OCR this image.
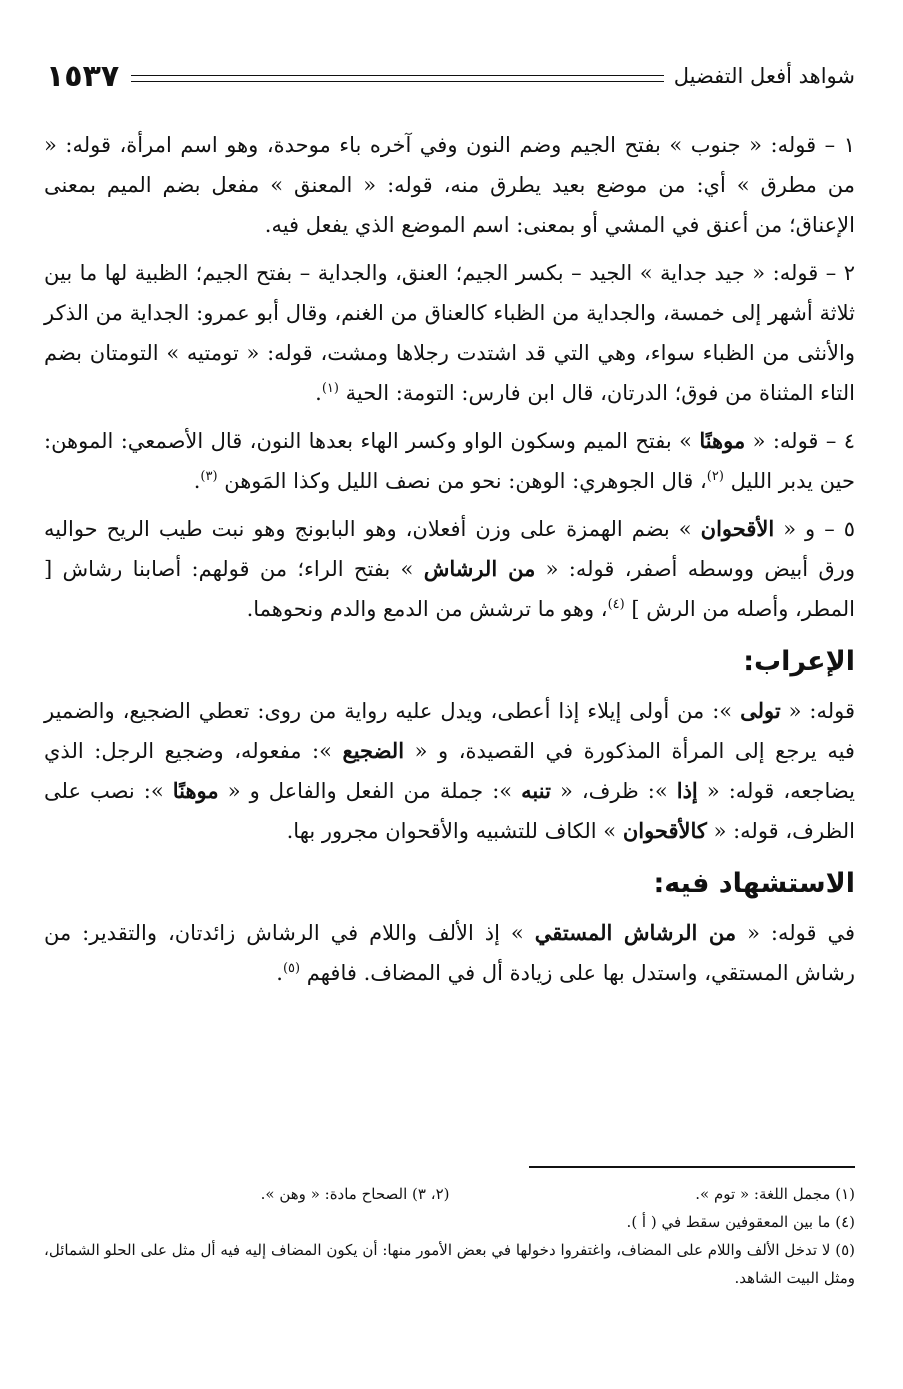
شواهد أفعل التفضيل
١٥٣٧

١ – قوله: « جنوب » بفتح الجيم وضم النون وفي آخره باء موحدة، وهو اسم امرأة، قوله: « من مطرق » أي: من موضع بعيد يطرق منه، قوله: « المعنق » مفعل بضم الميم بمعنى الإعناق؛ من أعنق في المشي أو بمعنى: اسم الموضع الذي يفعل فيه.

٢ – قوله: « جيد جداية » الجيد – بكسر الجيم؛ العنق، والجداية – بفتح الجيم؛ الظبية لها ما بين ثلاثة أشهر إلى خمسة، والجداية من الظباء كالعناق من الغنم، وقال أبو عمرو: الجداية من الذكر والأنثى من الظباء سواء، وهي التي قد اشتدت رجلاها ومشت، قوله: « تومتيه » التومتان بضم التاء المثناة من فوق؛ الدرتان، قال ابن فارس: التومة: الحية $^{(١)}$.

٤ – قوله: « موهنًا » بفتح الميم وسكون الواو وكسر الهاء بعدها النون، قال الأصمعي: الموهن: حين يدبر الليل $^{(٢)}$، قال الجوهري: الوهن: نحو من نصف الليل وكذا المَوهن $^{(٣)}$.

٥ – و « الأقحوان » بضم الهمزة على وزن أفعلان، وهو البابونج وهو نبت طيب الريح حواليه ورق أبيض ووسطه أصفر، قوله: « من الرشاش » بفتح الراء؛ من قولهم: أصابنا رشاش [ المطر، وأصله من الرش ] $^{(٤)}$، وهو ما ترشش من الدمع والدم ونحوهما.

الإعراب:

قوله: « تولى »: من أولى إيلاء إذا أعطى، ويدل عليه رواية من روى: تعطي الضجيع، والضمير فيه يرجع إلى المرأة المذكورة في القصيدة، و « الضجيع »: مفعوله، وضجيع الرجل: الذي يضاجعه، قوله: « إذا »: ظرف، « تنبه »: جملة من الفعل والفاعل و « موهنًا »: نصب على الظرف، قوله: « كالأقحوان » الكاف للتشبيه والأقحوان مجرور بها.

الاستشهاد فيه:

في قوله: « من الرشاش المستقي » إذ الألف واللام في الرشاش زائدتان، والتقدير: من رشاش المستقي، واستدل بها على زيادة أل في المضاف. فافهم $^{(٥)}$.

(١) مجمل اللغة: « توم ».
(٢، ٣) الصحاح مادة: « وهن ».

(٤) ما بين المعقوفين سقط في ( أ ).

(٥) لا تدخل الألف واللام على المضاف، واغتفروا دخولها في بعض الأمور منها: أن يكون المضاف إليه فيه أل مثل على الحلو الشمائل، ومثل البيت الشاهد.
